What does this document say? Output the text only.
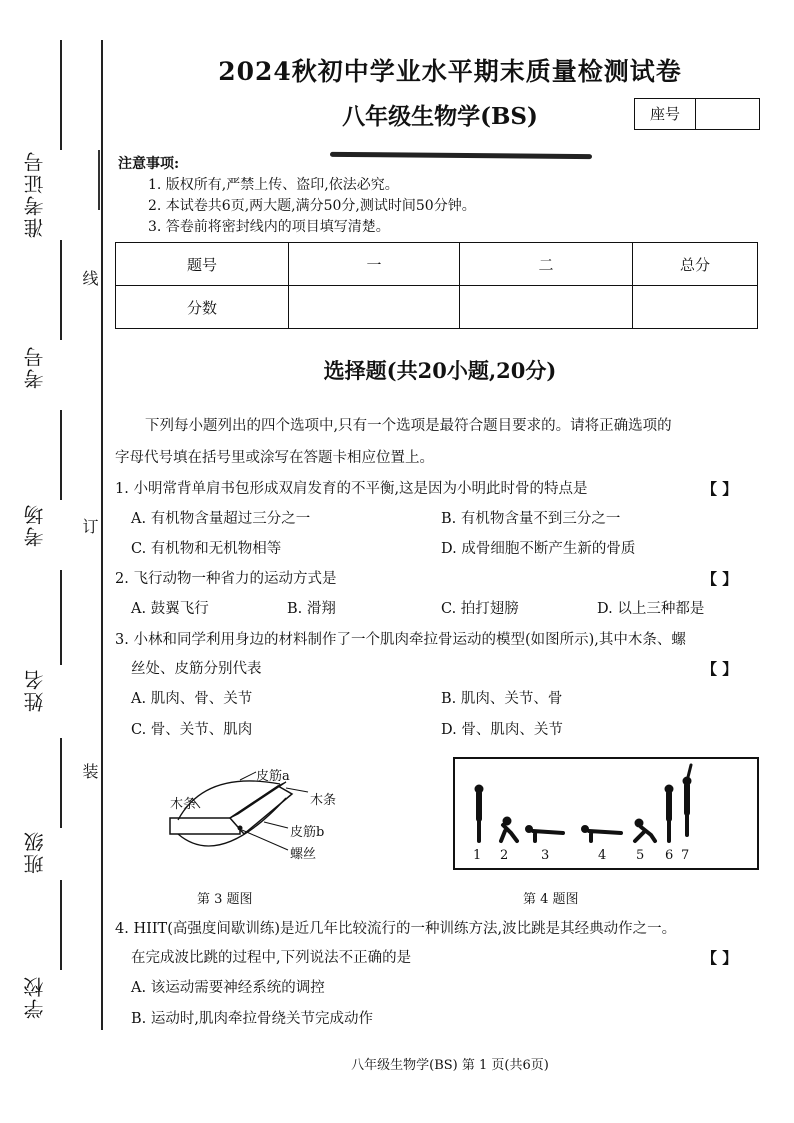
准考证号
考号
考场
姓名
班级
学校
线
订
装
2024秋初中学业水平期末质量检测试卷
八年级生物学(BS)	座号
注意事项:
1. 版权所有,严禁上传、盗印,依法必究。
2. 本试卷共6页,两大题,满分50分,测试时间50分钟。
3. 答卷前将密封线内的项目填写清楚。
题号	一	二	总分
分数			
选择题(共20小题,20分)
下列每小题列出的四个选项中,只有一个选项是最符合题目要求的。请将正确选项的
字母代号填在括号里或涂写在答题卡相应位置上。
1. 小明常背单肩书包形成双肩发育的不平衡,这是因为小明此时骨的特点是	【 】
A. 有机物含量超过三分之一	B. 有机物含量不到三分之一
C. 有机物和无机物相等	D. 成骨细胞不断产生新的骨质
2. 飞行动物一种省力的运动方式是	【 】
A. 鼓翼飞行	B. 滑翔	C. 拍打翅膀	D. 以上三种都是
3. 小林和同学利用身边的材料制作了一个肌肉牵拉骨运动的模型(如图所示),其中木条、螺
丝处、皮筋分别代表	【 】
A. 肌肉、骨、关节	B. 肌肉、关节、骨
C. 骨、关节、肌肉	D. 骨、肌肉、关节
皮筋a
木条	木条
皮筋b
螺丝
第 3 题图
1 2	3	4 5 6 7
第 4 题图
4. HIIT(高强度间歇训练)是近几年比较流行的一种训练方法,波比跳是其经典动作之一。
在完成波比跳的过程中,下列说法不正确的是	【 】
A. 该运动需要神经系统的调控
B. 运动时,肌肉牵拉骨绕关节完成动作
八年级生物学(BS) 第 1 页(共6页)
